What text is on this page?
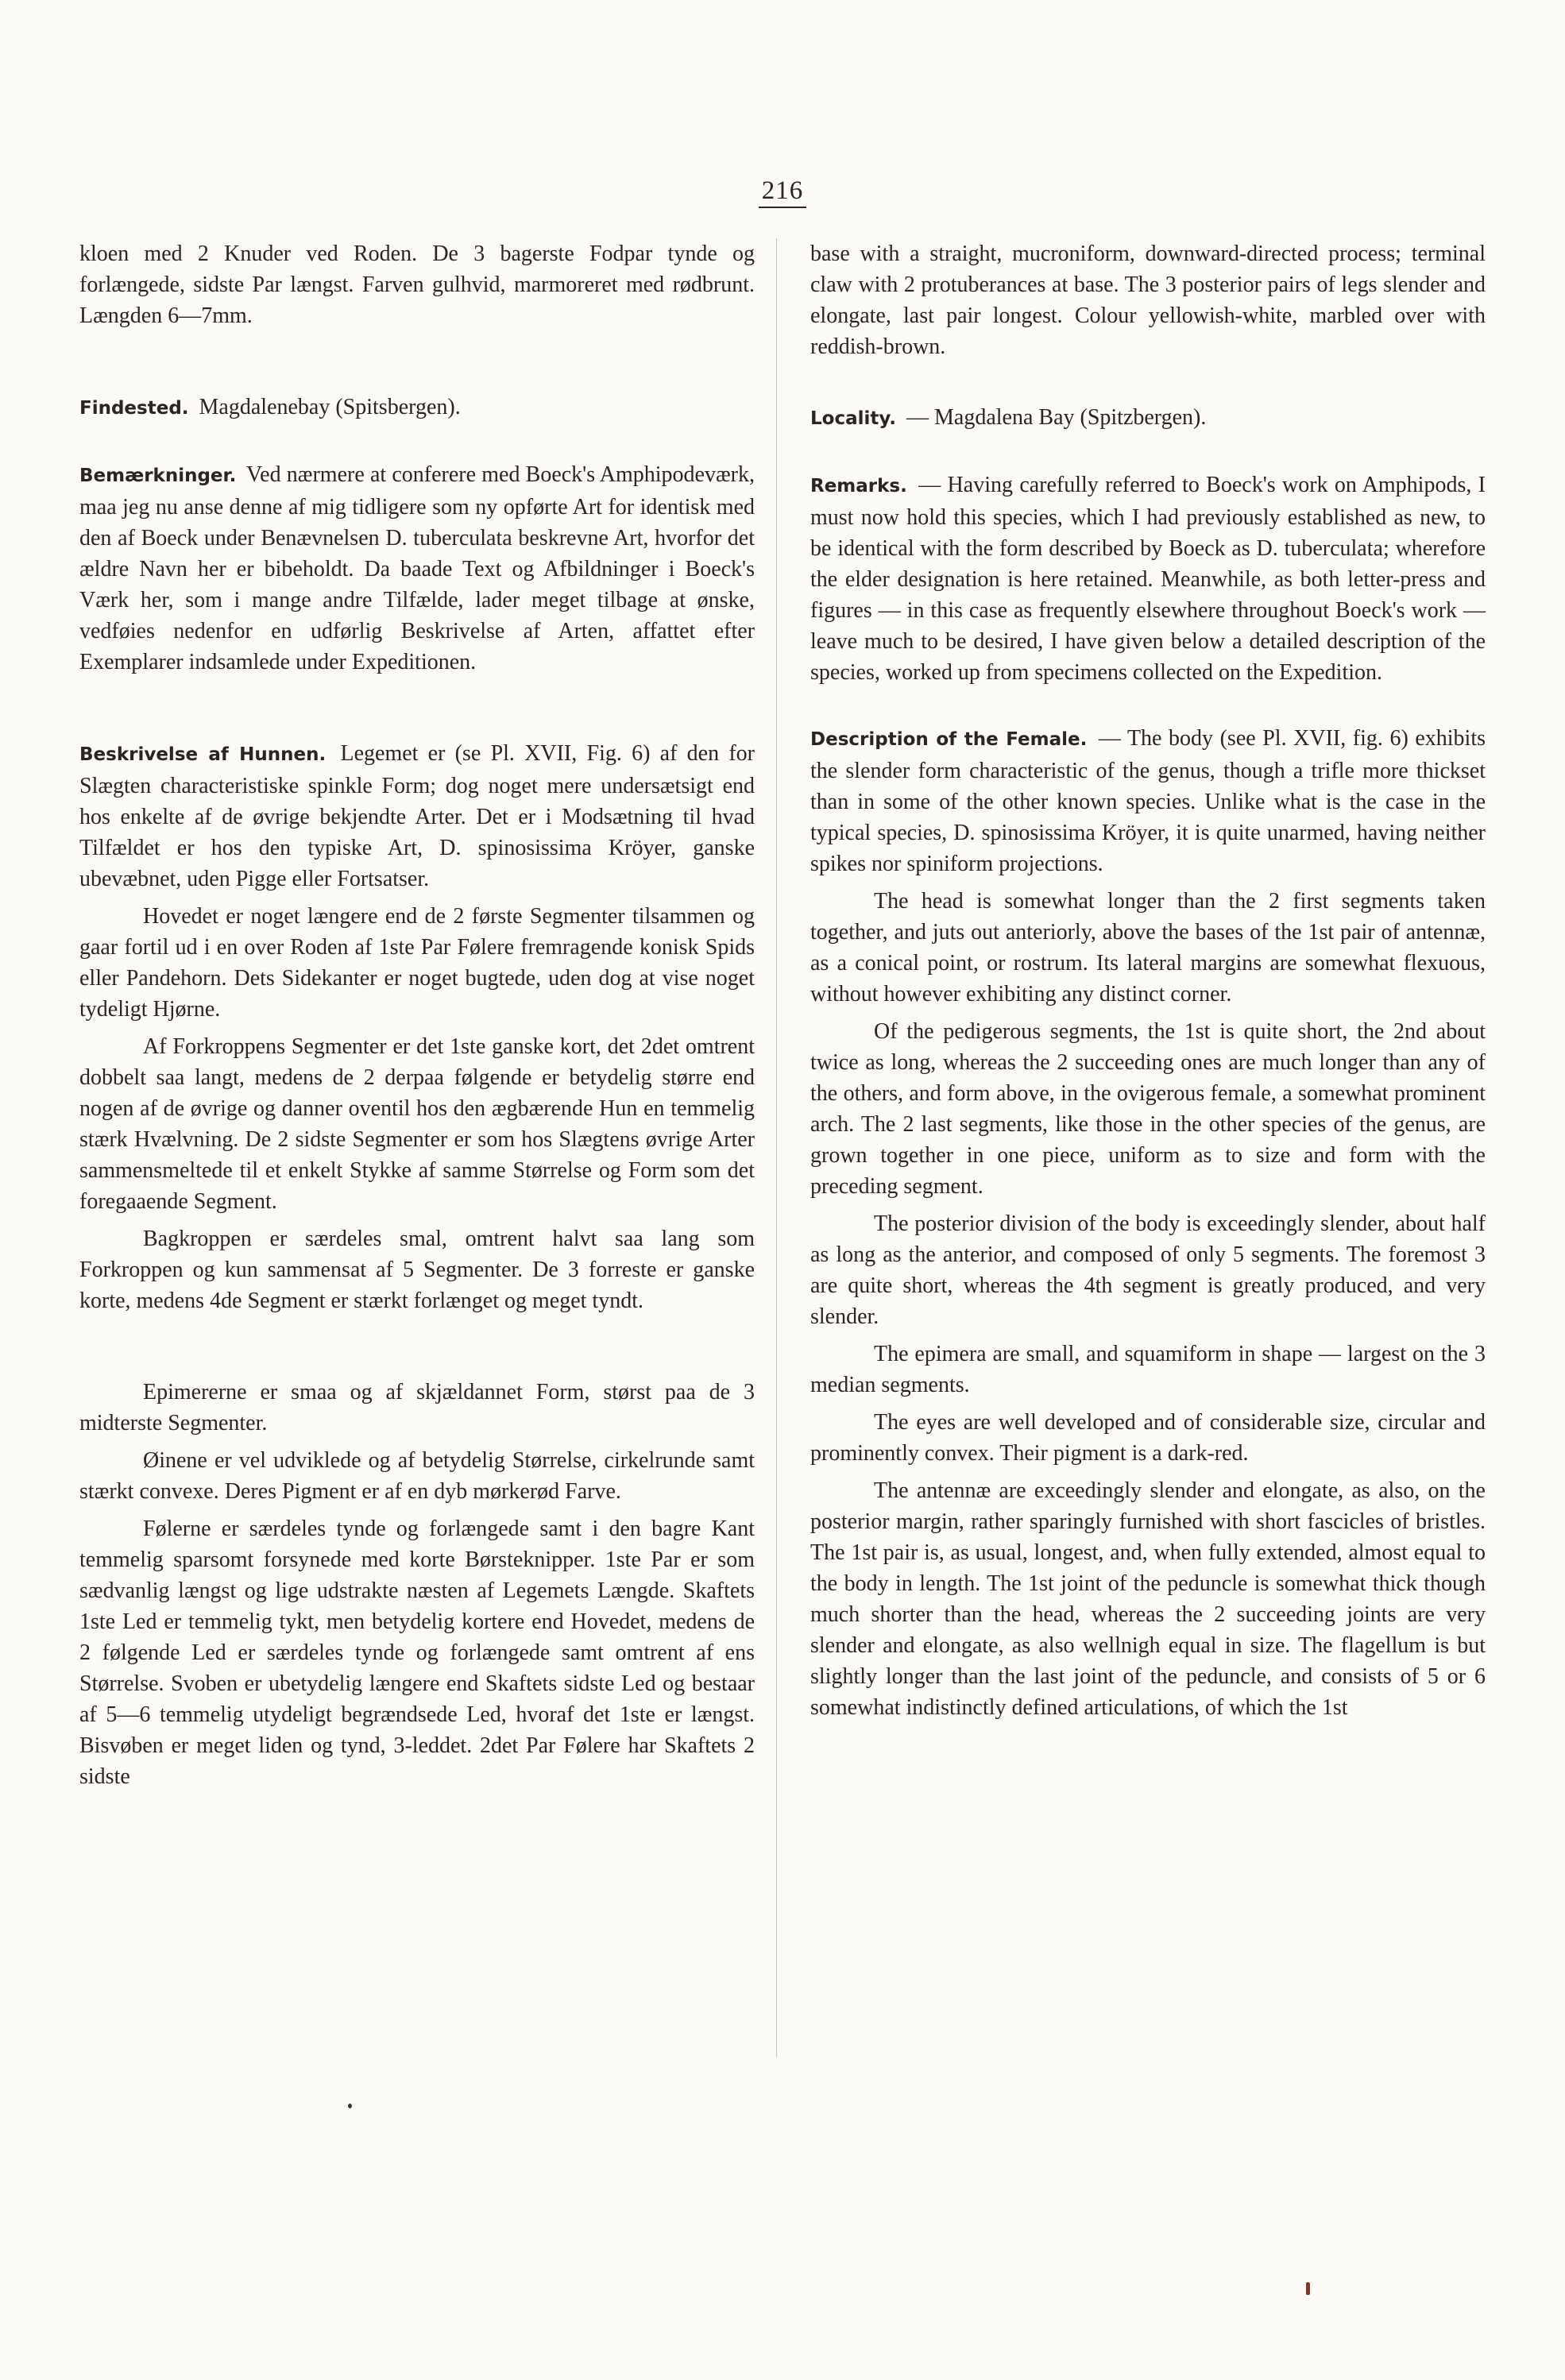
216

kloen med 2 Knuder ved Roden. De 3 bagerste Fodpar tynde og forlængede, sidste Par længst. Farven gulhvid, marmoreret med rødbrunt. Længden 6—7mm.

Findested. Magdalenebay (Spitsbergen).

Bemærkninger. Ved nærmere at conferere med Boeck's Amphipodeværk, maa jeg nu anse denne af mig tidligere som ny opførte Art for identisk med den af Boeck under Benævnelsen D. tuberculata beskrevne Art, hvorfor det ældre Navn her er bibeholdt. Da baade Text og Afbildninger i Boeck's Værk her, som i mange andre Tilfælde, lader meget tilbage at ønske, vedføies nedenfor en udførlig Beskrivelse af Arten, affattet efter Exemplarer indsamlede under Expeditionen.

Beskrivelse af Hunnen. Legemet er (se Pl. XVII, Fig. 6) af den for Slægten characteristiske spinkle Form; dog noget mere undersætsigt end hos enkelte af de øvrige bekjendte Arter. Det er i Modsætning til hvad Tilfældet er hos den typiske Art, D. spinosissima Kröyer, ganske ubevæbnet, uden Pigge eller Fortsatser.

Hovedet er noget længere end de 2 første Segmenter tilsammen og gaar fortil ud i en over Roden af 1ste Par Følere fremragende konisk Spids eller Pandehorn. Dets Sidekanter er noget bugtede, uden dog at vise noget tydeligt Hjørne.

Af Forkroppens Segmenter er det 1ste ganske kort, det 2det omtrent dobbelt saa langt, medens de 2 derpaa følgende er betydelig større end nogen af de øvrige og danner oventil hos den ægbærende Hun en temmelig stærk Hvælvning. De 2 sidste Segmenter er som hos Slægtens øvrige Arter sammensmeltede til et enkelt Stykke af samme Størrelse og Form som det foregaaende Segment.

Bagkroppen er særdeles smal, omtrent halvt saa lang som Forkroppen og kun sammensat af 5 Segmenter. De 3 forreste er ganske korte, medens 4de Segment er stærkt forlænget og meget tyndt.

Epimererne er smaa og af skjældannet Form, størst paa de 3 midterste Segmenter.

Øinene er vel udviklede og af betydelig Størrelse, cirkelrunde samt stærkt convexe. Deres Pigment er af en dyb mørkerød Farve.

Følerne er særdeles tynde og forlængede samt i den bagre Kant temmelig sparsomt forsynede med korte Børsteknipper. 1ste Par er som sædvanlig længst og lige udstrakte næsten af Legemets Længde. Skaftets 1ste Led er temmelig tykt, men betydelig kortere end Hovedet, medens de 2 følgende Led er særdeles tynde og forlængede samt omtrent af ens Størrelse. Svoben er ubetydelig længere end Skaftets sidste Led og bestaar af 5—6 temmelig utydeligt begrændsede Led, hvoraf det 1ste er længst. Bisvøben er meget liden og tynd, 3-leddet. 2det Par Følere har Skaftets 2 sidste

base with a straight, mucroniform, downward-directed process; terminal claw with 2 protuberances at base. The 3 posterior pairs of legs slender and elongate, last pair longest. Colour yellowish-white, marbled over with reddish-brown.

Locality. — Magdalena Bay (Spitzbergen).

Remarks. — Having carefully referred to Boeck's work on Amphipods, I must now hold this species, which I had previously established as new, to be identical with the form described by Boeck as D. tuberculata; wherefore the elder designation is here retained. Meanwhile, as both letter-press and figures — in this case as frequently elsewhere throughout Boeck's work — leave much to be desired, I have given below a detailed description of the species, worked up from specimens collected on the Expedition.

Description of the Female. — The body (see Pl. XVII, fig. 6) exhibits the slender form characteristic of the genus, though a trifle more thickset than in some of the other known species. Unlike what is the case in the typical species, D. spinosissima Kröyer, it is quite unarmed, having neither spikes nor spiniform projections.

The head is somewhat longer than the 2 first segments taken together, and juts out anteriorly, above the bases of the 1st pair of antennæ, as a conical point, or rostrum. Its lateral margins are somewhat flexuous, without however exhibiting any distinct corner.

Of the pedigerous segments, the 1st is quite short, the 2nd about twice as long, whereas the 2 succeeding ones are much longer than any of the others, and form above, in the ovigerous female, a somewhat prominent arch. The 2 last segments, like those in the other species of the genus, are grown together in one piece, uniform as to size and form with the preceding segment.

The posterior division of the body is exceedingly slender, about half as long as the anterior, and composed of only 5 segments. The foremost 3 are quite short, whereas the 4th segment is greatly produced, and very slender.

The epimera are small, and squamiform in shape — largest on the 3 median segments.

The eyes are well developed and of considerable size, circular and prominently convex. Their pigment is a dark-red.

The antennæ are exceedingly slender and elongate, as also, on the posterior margin, rather sparingly furnished with short fascicles of bristles. The 1st pair is, as usual, longest, and, when fully extended, almost equal to the body in length. The 1st joint of the peduncle is somewhat thick though much shorter than the head, whereas the 2 succeeding joints are very slender and elongate, as also wellnigh equal in size. The flagellum is but slightly longer than the last joint of the peduncle, and consists of 5 or 6 somewhat indistinctly defined articulations, of which the 1st
